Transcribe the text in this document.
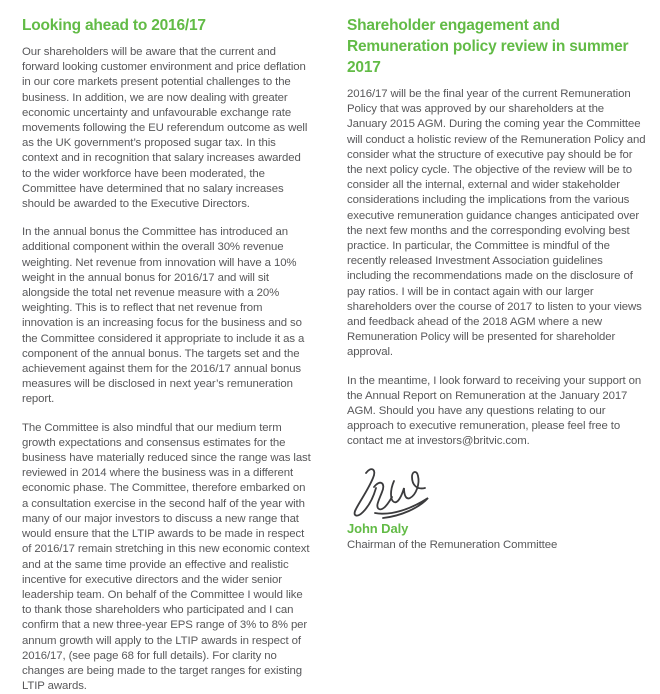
Looking ahead to 2016/17

Our shareholders will be aware that the current and forward looking customer environment and price deflation in our core markets present potential challenges to the business. In addition, we are now dealing with greater economic uncertainty and unfavourable exchange rate movements following the EU referendum outcome as well as the UK government’s proposed sugar tax. In this context and in recognition that salary increases awarded to the wider workforce have been moderated, the Committee have determined that no salary increases should be awarded to the Executive Directors.

In the annual bonus the Committee has introduced an additional component within the overall 30% revenue weighting. Net revenue from innovation will have a 10% weight in the annual bonus for 2016/17 and will sit alongside the total net revenue measure with a 20% weighting. This is to reflect that net revenue from innovation is an increasing focus for the business and so the Committee considered it appropriate to include it as a component of the annual bonus. The targets set and the achievement against them for the 2016/17 annual bonus measures will be disclosed in next year’s remuneration report.

The Committee is also mindful that our medium term growth expectations and consensus estimates for the business have materially reduced since the range was last reviewed in 2014 where the business was in a different economic phase. The Committee, therefore embarked on a consultation exercise in the second half of the year with many of our major investors to discuss a new range that would ensure that the LTIP awards to be made in respect of 2016/17 remain stretching in this new economic context and at the same time provide an effective and realistic incentive for executive directors and the wider senior leadership team. On behalf of the Committee I would like to thank those shareholders who participated and I can confirm that a new three-year EPS range of 3% to 8% per annum growth will apply to the LTIP awards in respect of 2016/17, (see page 68 for full details). For clarity no changes are being made to the target ranges for existing LTIP awards.

Shareholder engagement and Remuneration policy review in summer 2017

2016/17 will be the final year of the current Remuneration Policy that was approved by our shareholders at the January 2015 AGM. During the coming year the Committee will conduct a holistic review of the Remuneration Policy and consider what the structure of executive pay should be for the next policy cycle. The objective of the review will be to consider all the internal, external and wider stakeholder considerations including the implications from the various executive remuneration guidance changes anticipated over the next few months and the corresponding evolving best practice. In particular, the Committee is mindful of the recently released Investment Association guidelines including the recommendations made on the disclosure of pay ratios. I will be in contact again with our larger shareholders over the course of 2017 to listen to your views and feedback ahead of the 2018 AGM where a new Remuneration Policy will be presented for shareholder approval.

In the meantime, I look forward to receiving your support on the Annual Report on Remuneration at the January 2017 AGM. Should you have any questions relating to our approach to executive remuneration, please feel free to contact me at investors@britvic.com.

John Daly

Chairman of the Remuneration Committee
